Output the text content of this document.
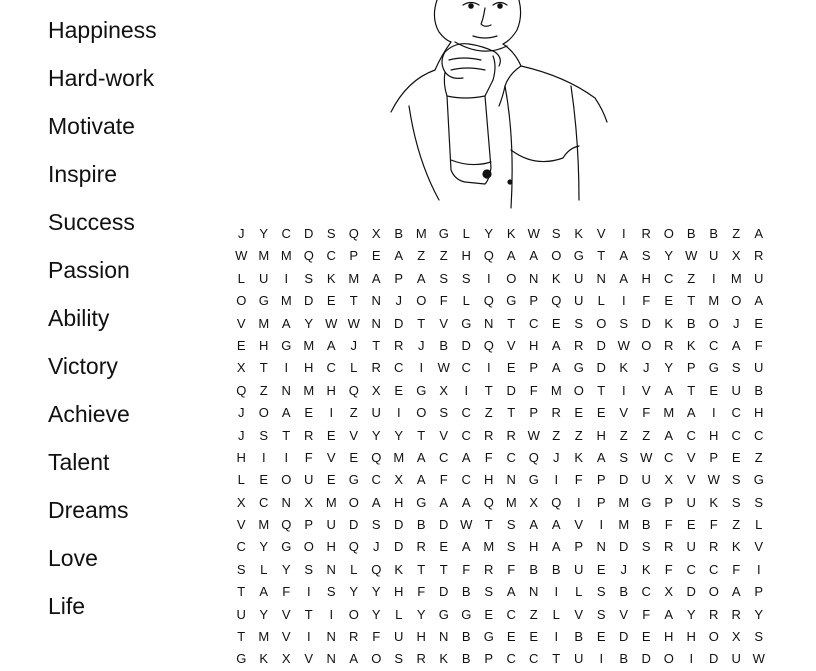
Happiness
Hard-work
Motivate
Inspire
Success
Passion
Ability
Victory
Achieve
Talent
Dreams
Love
Life
J	Y	C	D	S	Q	X	B M G	L	Y	K W S	K	V	I	R O	B	B	Z	A
W M M Q C	P	E	A	Z	Z	H Q	A	A	O G	T	A	S	Y W U	X	R
L	U	I	S	K M A	P	A	S	S	I	O N	K	U	N	A	H	C	Z	I	M U
O G M D	E	T	N	J	O	F	L	Q G	P	Q U	L	I	F	E	T	M O	A
V M A	Y W W N	D	T	V	G N	T	C	E	S	O	S	D	K	B	O	J	E
E	H G M A	J	T	R	J	B	D Q	V	H	A	R	D W O R	K	C	A	F
X	T	I	H	C	L	R	C	I	W C	I	E	P	A	G D	K	J	Y	P	G	S	U
Q	Z	N M H Q	X	E	G	X	I	T	D	F	M O	T	I	V	A	T	E	U	B
J	O	A	E	I	Z	U	I	O	S	C	Z	T	P	R	E	E	V	F	M A	I	C	H
J	S	T	R	E	V	Y	Y	T	V	C	R	R W Z	Z	H	Z	Z	A	C	H	C	C
H	I	I	F	V	E	Q M A	C	A	F	C Q	J	K	A	S W C	V	P	E	Z
L	E	O U	E	G C	X	A	F	C	H	N G	I	F	P	D	U	X	V W S	G
X	C	N	X M O	A	H G	A	A	Q M X	Q	I	P M G	P	U	K	S	S
V M Q	P	U	D	S	D	B	D W T	S	A	A	V	I	M B	F	E	F	Z	L
C	Y	G O H Q	J	D	R	E	A M S	H	A	P	N	D	S	R	U	R	K	V
S	L	Y	S	N	L	Q	K	T	T	F	R	F	B	B	U	E	J	K	F	C	C	F	I
T	A	F	I	S	Y	Y	H	F	D	B	S	A	N	I	L	S	B	C	X	D O	A	P
U	Y	V	T	I	O	Y	L	Y	G G	E	C	Z	L	V	S	V	F	A	Y	R	R	Y
T	M V	I	N	R	F	U	H	N	B	G	E	E	I	B	E	D	E	H	H O	X	S
G	K	X	V	N	A	O	S	R	K	B	P	C	C	T	U	I	B	D O	I	D	U W
